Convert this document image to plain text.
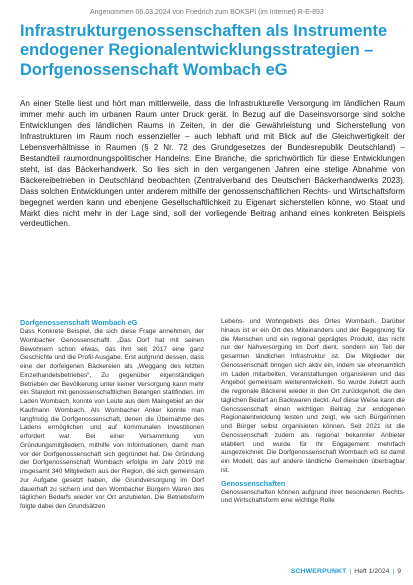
Angenommen 06.03.2024 von Friedrich zum BOKSPI (im Internet) R-E-893
Infrastrukturgenossenschaften als Instrumente endogener Regionalentwicklungsstrategien – Dorfgenossenschaft Wombach eG

An einer Stelle liest und hört man mittlerweile, dass die Infrastrukturelle Versorgung im ländlichen Raum immer mehr auch im urbanen Raum unter Druck gerät. In Bezug auf die Daseinsvorsorge sind solche Entwicklungen des ländlichen Raums in Zeiten, in der die Gewährleistung und Sicherstellung von Infrastrukturen im Raum noch essenzieller – auch lebhaft und mit Blick auf die Gleichwertigkeit der Lebensverhältnisse in Raumen (§ 2 Nr. 72 des Grundgesetzes der Bundesrepublik Deutschland) – Bestandteil raumordnungspolitischer Handelns. Eine Branche, die sprichwörtlich für diese Entwicklungen steht, ist das Bäckerhandwerk. So lies sich in den vergangenen Jahren eine stetige Abnahme von Bäckereibetrieben in Deutschland beobachten (Zentralverband des Deutschen Bäckerhandwerks 2023). Dass solchen Entwicklungen unter anderem mithilfe der genossenschaftlichen Rechts- und Wirtschaftsform begegnet werden kann und ebenjene Gesellschaftlichkeit zu Eigenart sicherstellen könne, wo Staat und Markt dies nicht mehr in der Lage sind, soll der vorliegende Beitrag anhand eines konkreten Beispiels verdeutlichen.

Dorfgenossenschaft Wombach eG

Dass Konkrete Beispiel, die sich diese Frage annehmen, der Wombacher Genossenschaftl. „Das Dorf hat mit seinen Bewohnern schon etwas, das ihm seit 2017 eine ganz Geschichte und die Profil-Ausgabe. Erst aufgrund dessen, dass eine der dorfeigenen Bäckereien als „Weggang des letzten Einzelhandelsbetriebes“, Zu gegenüber eigenständigen Betrieben der Bevölkerung unter keiner Versorgung kann mehr ein Standort mit genossenschaftlichen Belangen stattfinden. Im Laden Wombach, konnte von Leute aus dem Maingebiet an der Kaufmann Wombach. Als Wombacher Anker konnte man langfristig die Dorfgenossenschaft, denen die Übernahme des Ladens ermöglichen und auf kommunalen Investitionen erfordert war. Bei einer Versammlung von Gründungsmitgliedern, mithilfe von Informationen, damit man vor der Dorfgenossenschaft sich gegründet hat. Die Gründung der Dorfgenossenschaft Wombach erfolgte im Jahr 2019 mit insgesamt 340 Mitgliedern aus der Region, die sich gemeinsam zur Aufgabe gesetzt haben, die Grundversorgung im Dorf dauerhaft zu sichern und den Wombacher Bürgern Waren des täglichen Bedarfs wieder vor Ort anzubieten. Die Betriebsform folgte dabei den Grundsätzen

Lebens- und Wohngebiets des Ortes Wombach. Darüber hinaus ist er ein Ort des Miteinanders und der Begegnung für die Menschen und ein regional geprägtes Produkt, das nicht nur der Nahversorgung im Dorf dient, sondern ein Teil der gesamten ländlichen Infrastruktur ist. Die Mitglieder der Genossenschaft bringen sich aktiv ein, indem sie ehrenamtlich im Laden mitarbeiten, Veranstaltungen organisieren und das Angebot gemeinsam weiterentwickeln. So wurde zuletzt auch die regionale Bäckerei wieder in den Ort zurückgeholt, die den täglichen Bedarf an Backwaren deckt. Auf diese Weise kann die Genossenschaft einen wichtigen Beitrag zur endogenen Regionalentwicklung leisten und zeigt, wie sich Bürgerinnen und Bürger selbst organisieren können. Seit 2021 ist die Genossenschaft zudem als regional bekannter Anbieter etabliert und wurde für ihr Engagement mehrfach ausgezeichnet. Die Dorfgenossenschaft Wombach eG ist damit ein Modell, das auf andere ländliche Gemeinden übertragbar ist.

Genossenschaften

Genossenschaften können aufgrund ihrer besonderen Rechts- und Wirtschaftsform eine wichtige Rolle

SCHWERPUNKT | Heft 1/2024 | 9
